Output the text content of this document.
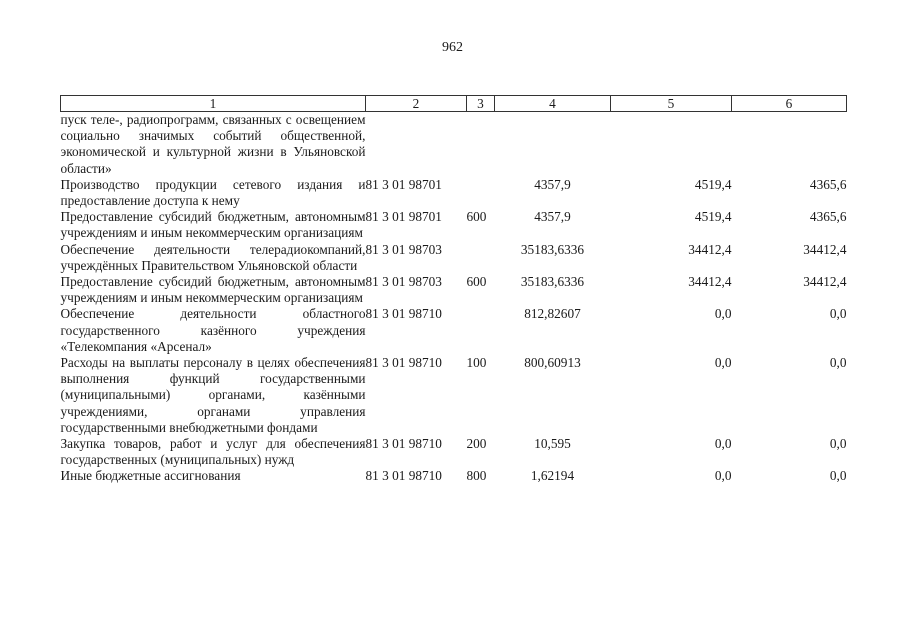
962
1	2	3	4	5	6
пуск теле-, радиопрограмм, связанных с освещением социально значимых событий общественной, экономической и культурной жизни в Ульяновской области»					
Производство продукции сетевого издания и предоставление доступа к нему	81 3 01 98701		4357,9	4519,4	4365,6
Предоставление субсидий бюджетным, автономным учреждениям и иным некоммерческим организациям	81 3 01 98701	600	4357,9	4519,4	4365,6
Обеспечение деятельности телерадиокомпаний, учреждённых Правительством Ульяновской области	81 3 01 98703		35183,6336	34412,4	34412,4
Предоставление субсидий бюджетным, автономным учреждениям и иным некоммерческим организациям	81 3 01 98703	600	35183,6336	34412,4	34412,4
Обеспечение деятельности областного государственного казённого учреждения «Телекомпания «Арсенал»	81 3 01 98710		812,82607	0,0	0,0
Расходы на выплаты персоналу в целях обеспечения выполнения функций государственными (муниципальными) органами, казёнными учреждениями, органами управления государственными внебюджетными фондами	81 3 01 98710	100	800,60913	0,0	0,0
Закупка товаров, работ и услуг для обеспечения государственных (муниципальных) нужд	81 3 01 98710	200	10,595	0,0	0,0
Иные бюджетные ассигнования	81 3 01 98710	800	1,62194	0,0	0,0
